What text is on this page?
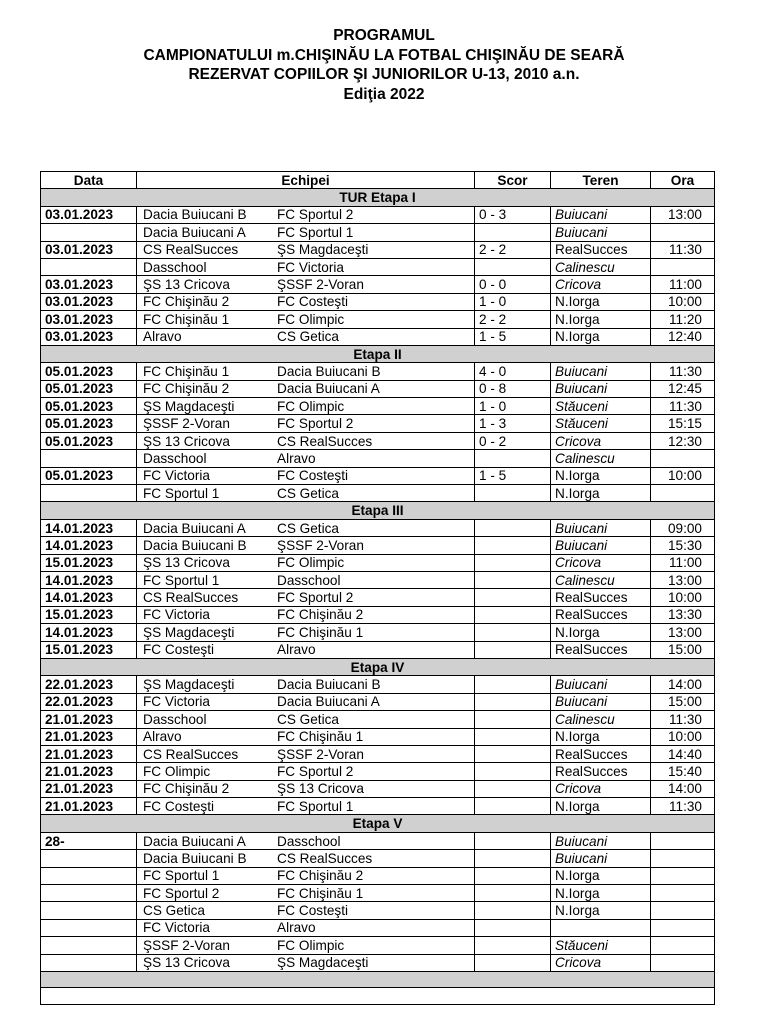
PROGRAMUL
CAMPIONATULUI m.CHIŞINĂU LA FOTBAL CHIŞINĂU DE SEARĂ
REZERVAT COPIILOR ŞI JUNIORILOR U-13, 2010 a.n.
Ediţia 2022
Data	Echipei	Scor	Teren	Ora
TUR Etapa I				
03.01.2023	Dacia Buiucani B FC Sportul 2	0 - 3	Buiucani	13:00
	Dacia Buiucani A FC Sportul 1		Buiucani	
03.01.2023	CS RealSucces ŞS Magdaceşti	2 - 2	RealSucces	11:30
	Dasschool FC Victoria		Calinescu	
03.01.2023	ŞS 13 Cricova ŞSSF 2-Voran	0 - 0	Cricova	11:00
03.01.2023	FC Chişinău 2 FC Costeşti	1 - 0	N.Iorga	10:00
03.01.2023	FC Chişinău 1 FC Olimpic	2 - 2	N.Iorga	11:20
03.01.2023	Alravo CS Getica	1 - 5	N.Iorga	12:40
Etapa II				
05.01.2023	FC Chişinău 1 Dacia Buiucani B	4 - 0	Buiucani	11:30
05.01.2023	FC Chişinău 2 Dacia Buiucani A	0 - 8	Buiucani	12:45
05.01.2023	ŞS Magdaceşti FC Olimpic	1 - 0	Stăuceni	11:30
05.01.2023	ŞSSF 2-Voran FC Sportul 2	1 - 3	Stăuceni	15:15
05.01.2023	ŞS 13 Cricova CS RealSucces	0 - 2	Cricova	12:30
	Dasschool Alravo		Calinescu	
05.01.2023	FC Victoria FC Costeşti	1 - 5	N.Iorga	10:00
	FC Sportul 1 CS Getica		N.Iorga	
Etapa III				
14.01.2023	Dacia Buiucani A CS Getica		Buiucani	09:00
14.01.2023	Dacia Buiucani B ŞSSF 2-Voran		Buiucani	15:30
15.01.2023	ŞS 13 Cricova FC Olimpic		Cricova	11:00
14.01.2023	FC Sportul 1 Dasschool		Calinescu	13:00
14.01.2023	CS RealSucces FC Sportul 2		RealSucces	10:00
15.01.2023	FC Victoria FC Chişinău 2		RealSucces	13:30
14.01.2023	ŞS Magdaceşti FC Chişinău 1		N.Iorga	13:00
15.01.2023	FC Costeşti Alravo		RealSucces	15:00
Etapa IV				
22.01.2023	ŞS Magdaceşti Dacia Buiucani B		Buiucani	14:00
22.01.2023	FC Victoria Dacia Buiucani A		Buiucani	15:00
21.01.2023	Dasschool CS Getica		Calinescu	11:30
21.01.2023	Alravo FC Chişinău 1		N.Iorga	10:00
21.01.2023	CS RealSucces ŞSSF 2-Voran		RealSucces	14:40
21.01.2023	FC Olimpic FC Sportul 2		RealSucces	15:40
21.01.2023	FC Chişinău 2 ŞS 13 Cricova		Cricova	14:00
21.01.2023	FC Costeşti FC Sportul 1		N.Iorga	11:30
Etapa V				
28-	Dacia Buiucani A Dasschool		Buiucani	
	Dacia Buiucani B CS RealSucces		Buiucani	
	FC Sportul 1 FC Chişinău 2		N.Iorga	
	FC Sportul 2 FC Chişinău 1		N.Iorga	
	CS Getica FC Costeşti		N.Iorga	
	FC Victoria Alravo			
	ŞSSF 2-Voran FC Olimpic		Stăuceni	
	ŞS 13 Cricova ŞS Magdaceşti		Cricova	
